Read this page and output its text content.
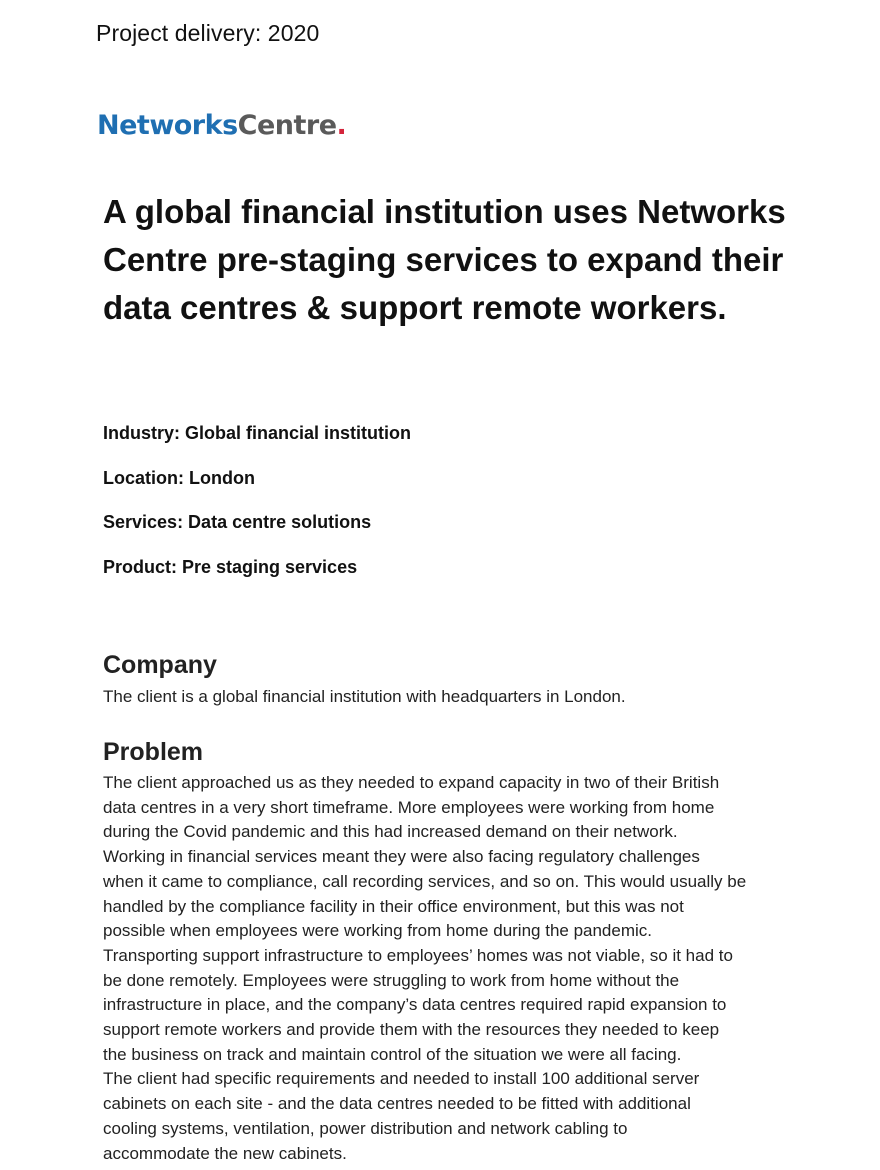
Project delivery: 2020
NetworksCentre.
A global financial institution uses Networks
Centre pre-staging services to expand their
data centres & support remote workers.
Industry: Global financial institution
Location: London
Services: Data centre solutions
Product: Pre staging services
Company

The client is a global financial institution with headquarters in London.

Problem

The client approached us as they needed to expand capacity in two of their British
data centres in a very short timeframe. More employees were working from home
during the Covid pandemic and this had increased demand on their network.
Working in financial services meant they were also facing regulatory challenges
when it came to compliance, call recording services, and so on. This would usually be
handled by the compliance facility in their office environment, but this was not
possible when employees were working from home during the pandemic.
Transporting support infrastructure to employees’ homes was not viable, so it had to
be done remotely. Employees were struggling to work from home without the
infrastructure in place, and the company’s data centres required rapid expansion to
support remote workers and provide them with the resources they needed to keep
the business on track and maintain control of the situation we were all facing.
The client had specific requirements and needed to install 100 additional server
cabinets on each site - and the data centres needed to be fitted with additional
cooling systems, ventilation, power distribution and network cabling to
accommodate the new cabinets.
